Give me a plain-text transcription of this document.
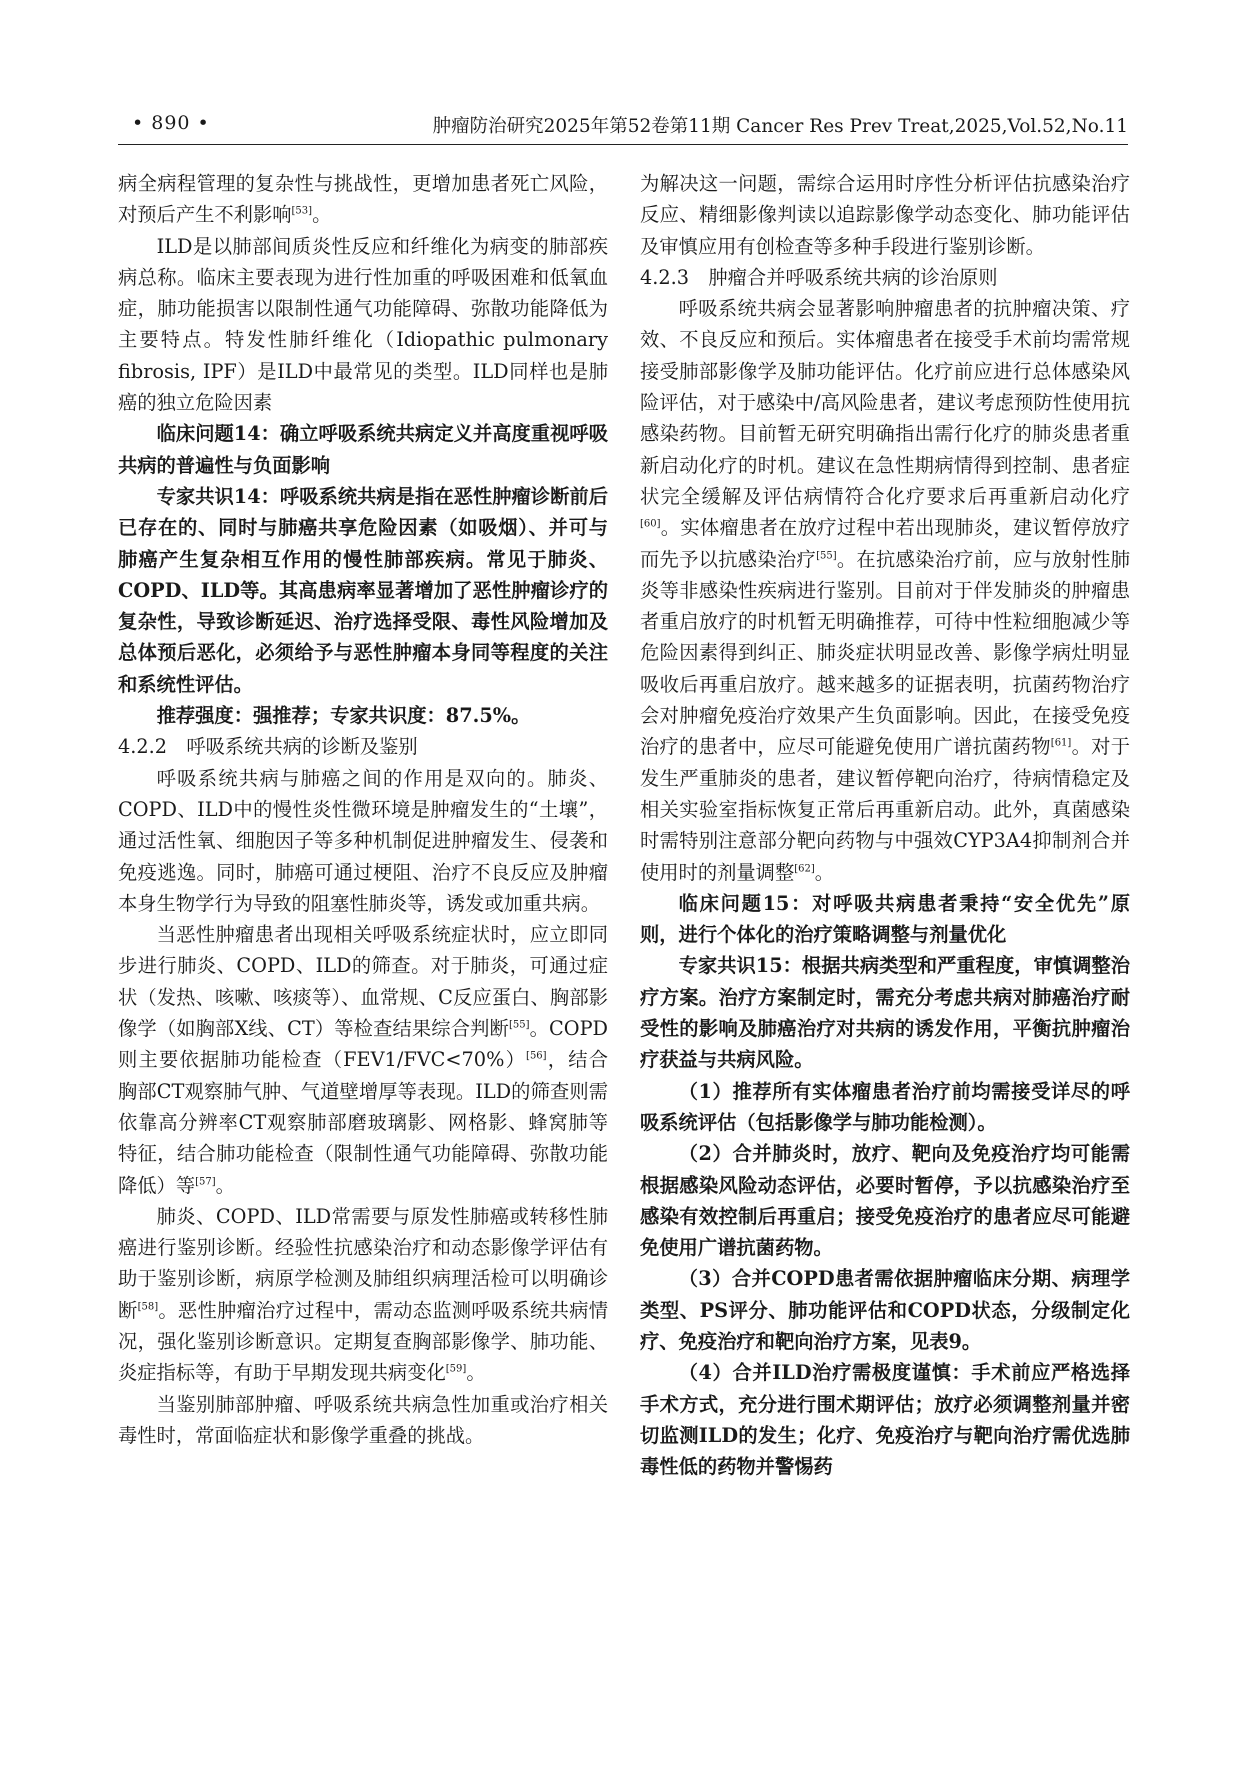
• 890 •	肿瘤防治研究2025年第52卷第11期 Cancer Res Prev Treat,2025,Vol.52,No.11

病全病程管理的复杂性与挑战性，更增加患者死亡风险，对预后产生不利影响[53]。

ILD是以肺部间质炎性反应和纤维化为病变的肺部疾病总称。临床主要表现为进行性加重的呼吸困难和低氧血症，肺功能损害以限制性通气功能障碍、弥散功能降低为主要特点。特发性肺纤维化（Idiopathic pulmonary fibrosis, IPF）是ILD中最常见的类型。ILD同样也是肺癌的独立危险因素

临床问题14：确立呼吸系统共病定义并高度重视呼吸共病的普遍性与负面影响

专家共识14：呼吸系统共病是指在恶性肿瘤诊断前后已存在的、同时与肺癌共享危险因素（如吸烟）、并可与肺癌产生复杂相互作用的慢性肺部疾病。常见于肺炎、COPD、ILD等。其高患病率显著增加了恶性肿瘤诊疗的复杂性，导致诊断延迟、治疗选择受限、毒性风险增加及总体预后恶化，必须给予与恶性肿瘤本身同等程度的关注和系统性评估。

推荐强度：强推荐；专家共识度：87.5%。

4.2.2　呼吸系统共病的诊断及鉴别

呼吸系统共病与肺癌之间的作用是双向的。肺炎、COPD、ILD中的慢性炎性微环境是肿瘤发生的“土壤”，通过活性氧、细胞因子等多种机制促进肿瘤发生、侵袭和免疫逃逸。同时，肺癌可通过梗阻、治疗不良反应及肿瘤本身生物学行为导致的阻塞性肺炎等，诱发或加重共病。

当恶性肿瘤患者出现相关呼吸系统症状时，应立即同步进行肺炎、COPD、ILD的筛查。对于肺炎，可通过症状（发热、咳嗽、咳痰等）、血常规、C反应蛋白、胸部影像学（如胸部X线、CT）等检查结果综合判断[55]。COPD则主要依据肺功能检查（FEV1/FVC<70%）[56]，结合胸部CT观察肺气肿、气道壁增厚等表现。ILD的筛查则需依靠高分辨率CT观察肺部磨玻璃影、网格影、蜂窝肺等特征，结合肺功能检查（限制性通气功能障碍、弥散功能降低）等[57]。

肺炎、COPD、ILD常需要与原发性肺癌或转移性肺癌进行鉴别诊断。经验性抗感染治疗和动态影像学评估有助于鉴别诊断，病原学检测及肺组织病理活检可以明确诊断[58]。恶性肿瘤治疗过程中，需动态监测呼吸系统共病情况，强化鉴别诊断意识。定期复查胸部影像学、肺功能、炎症指标等，有助于早期发现共病变化[59]。

当鉴别肺部肿瘤、呼吸系统共病急性加重或治疗相关毒性时，常面临症状和影像学重叠的挑战。

为解决这一问题，需综合运用时序性分析评估抗感染治疗反应、精细影像判读以追踪影像学动态变化、肺功能评估及审慎应用有创检查等多种手段进行鉴别诊断。

4.2.3　肿瘤合并呼吸系统共病的诊治原则

呼吸系统共病会显著影响肿瘤患者的抗肿瘤决策、疗效、不良反应和预后。实体瘤患者在接受手术前均需常规接受肺部影像学及肺功能评估。化疗前应进行总体感染风险评估，对于感染中/高风险患者，建议考虑预防性使用抗感染药物。目前暂无研究明确指出需行化疗的肺炎患者重新启动化疗的时机。建议在急性期病情得到控制、患者症状完全缓解及评估病情符合化疗要求后再重新启动化疗[60]。实体瘤患者在放疗过程中若出现肺炎，建议暂停放疗而先予以抗感染治疗[55]。在抗感染治疗前，应与放射性肺炎等非感染性疾病进行鉴别。目前对于伴发肺炎的肿瘤患者重启放疗的时机暂无明确推荐，可待中性粒细胞减少等危险因素得到纠正、肺炎症状明显改善、影像学病灶明显吸收后再重启放疗。越来越多的证据表明，抗菌药物治疗会对肿瘤免疫治疗效果产生负面影响。因此，在接受免疫治疗的患者中，应尽可能避免使用广谱抗菌药物[61]。对于发生严重肺炎的患者，建议暂停靶向治疗，待病情稳定及相关实验室指标恢复正常后再重新启动。此外，真菌感染时需特别注意部分靶向药物与中强效CYP3A4抑制剂合并使用时的剂量调整[62]。

临床问题15：对呼吸共病患者秉持“安全优先”原则，进行个体化的治疗策略调整与剂量优化

专家共识15：根据共病类型和严重程度，审慎调整治疗方案。治疗方案制定时，需充分考虑共病对肺癌治疗耐受性的影响及肺癌治疗对共病的诱发作用，平衡抗肿瘤治疗获益与共病风险。

（1）推荐所有实体瘤患者治疗前均需接受详尽的呼吸系统评估（包括影像学与肺功能检测）。

（2）合并肺炎时，放疗、靶向及免疫治疗均可能需根据感染风险动态评估，必要时暂停，予以抗感染治疗至感染有效控制后再重启；接受免疫治疗的患者应尽可能避免使用广谱抗菌药物。

（3）合并COPD患者需依据肿瘤临床分期、病理学类型、PS评分、肺功能评估和COPD状态，分级制定化疗、免疫治疗和靶向治疗方案，见表9。

（4）合并ILD治疗需极度谨慎：手术前应严格选择手术方式，充分进行围术期评估；放疗必须调整剂量并密切监测ILD的发生；化疗、免疫治疗与靶向治疗需优选肺毒性低的药物并警惕药
